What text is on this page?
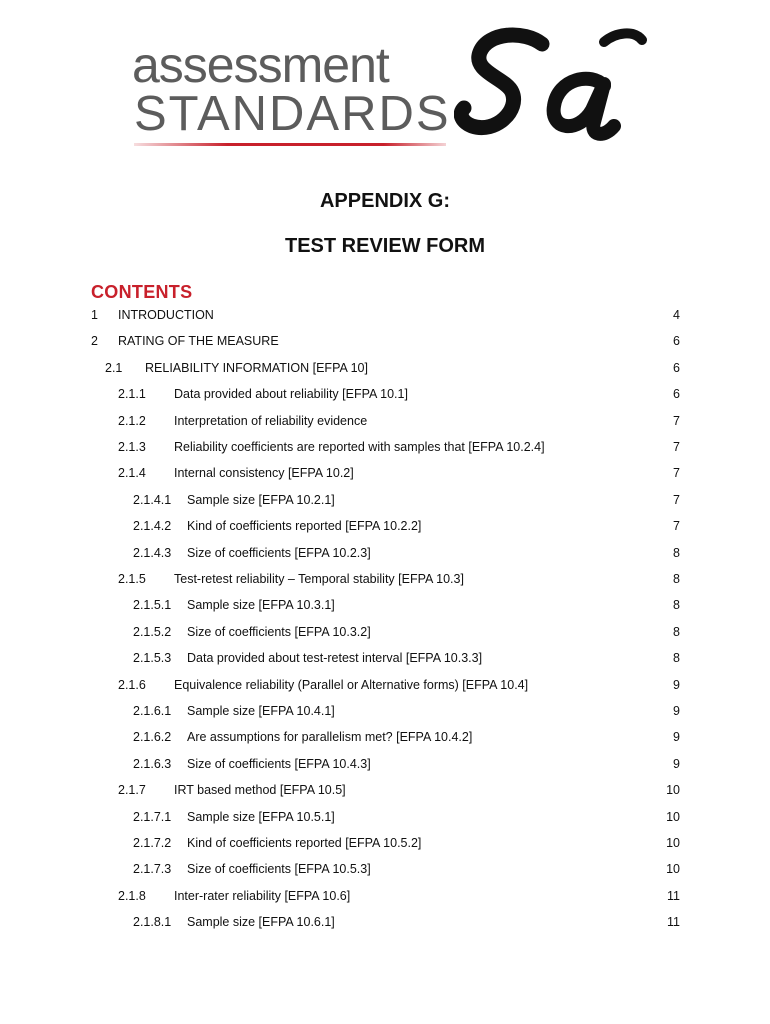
assessment
STANDARDS
APPENDIX G:
TEST REVIEW FORM
CONTENTS
1 INTRODUCTION	4
2 RATING OF THE MEASURE	6
2.1 RELIABILITY INFORMATION [EFPA 10]	6
2.1.1 Data provided about reliability [EFPA 10.1]	6
2.1.2 Interpretation of reliability evidence	7
2.1.3 Reliability coefficients are reported with samples that [EFPA 10.2.4]	7
2.1.4 Internal consistency [EFPA 10.2]	7
2.1.4.1 Sample size [EFPA 10.2.1]	7
2.1.4.2 Kind of coefficients reported [EFPA 10.2.2]	7
2.1.4.3 Size of coefficients [EFPA 10.2.3]	8
2.1.5 Test-retest reliability – Temporal stability [EFPA 10.3]	8
2.1.5.1 Sample size [EFPA 10.3.1]	8
2.1.5.2 Size of coefficients [EFPA 10.3.2]	8
2.1.5.3 Data provided about test-retest interval [EFPA 10.3.3]	8
2.1.6 Equivalence reliability (Parallel or Alternative forms) [EFPA 10.4]	9
2.1.6.1 Sample size [EFPA 10.4.1]	9
2.1.6.2 Are assumptions for parallelism met? [EFPA 10.4.2]	9
2.1.6.3 Size of coefficients [EFPA 10.4.3]	9
2.1.7 IRT based method [EFPA 10.5]	10
2.1.7.1 Sample size [EFPA 10.5.1]	10
2.1.7.2 Kind of coefficients reported [EFPA 10.5.2]	10
2.1.7.3 Size of coefficients [EFPA 10.5.3]	10
2.1.8 Inter-rater reliability [EFPA 10.6]	11
2.1.8.1 Sample size [EFPA 10.6.1]	11
